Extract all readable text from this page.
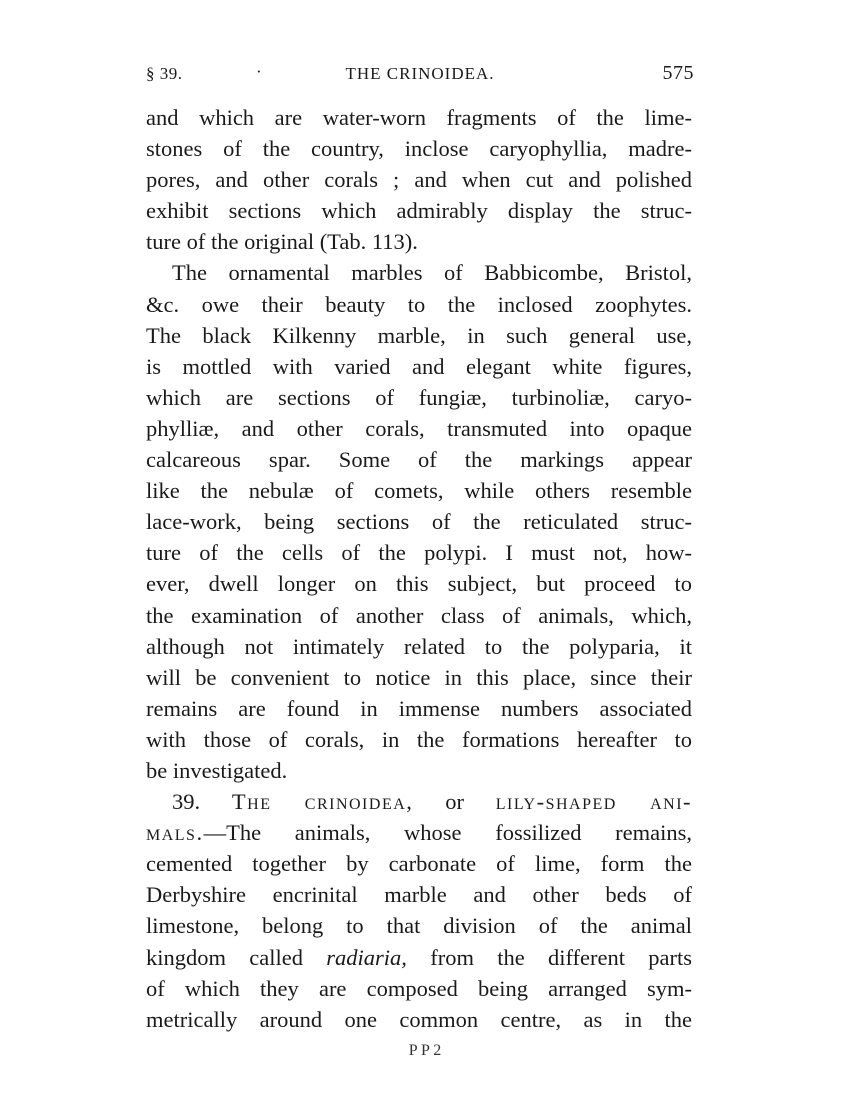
§ 39.	·	THE CRINOIDEA.	575
and which are water-worn fragments of the lime-
stones of the country, inclose caryophyllia, madre-
pores, and other corals ; and when cut and polished
exhibit sections which admirably display the struc-
ture of the original (Tab. 113).
The ornamental marbles of Babbicombe, Bristol,
&c. owe their beauty to the inclosed zoophytes.
The black Kilkenny marble, in such general use,
is mottled with varied and elegant white figures,
which are sections of fungiæ, turbinoliæ, caryo-
phylliæ, and other corals, transmuted into opaque
calcareous spar. Some of the markings appear
like the nebulæ of comets, while others resemble
lace-work, being sections of the reticulated struc-
ture of the cells of the polypi. I must not, how-
ever, dwell longer on this subject, but proceed to
the examination of another class of animals, which,
although not intimately related to the polyparia, it
will be convenient to notice in this place, since their
remains are found in immense numbers associated
with those of corals, in the formations hereafter to
be investigated.
39. The crinoidea, or lily-shaped ani-
mals.—The animals, whose fossilized remains,
cemented together by carbonate of lime, form the
Derbyshire encrinital marble and other beds of
limestone, belong to that division of the animal
kingdom called radiaria, from the different parts
of which they are composed being arranged sym-
metrically around one common centre, as in the
P P 2
